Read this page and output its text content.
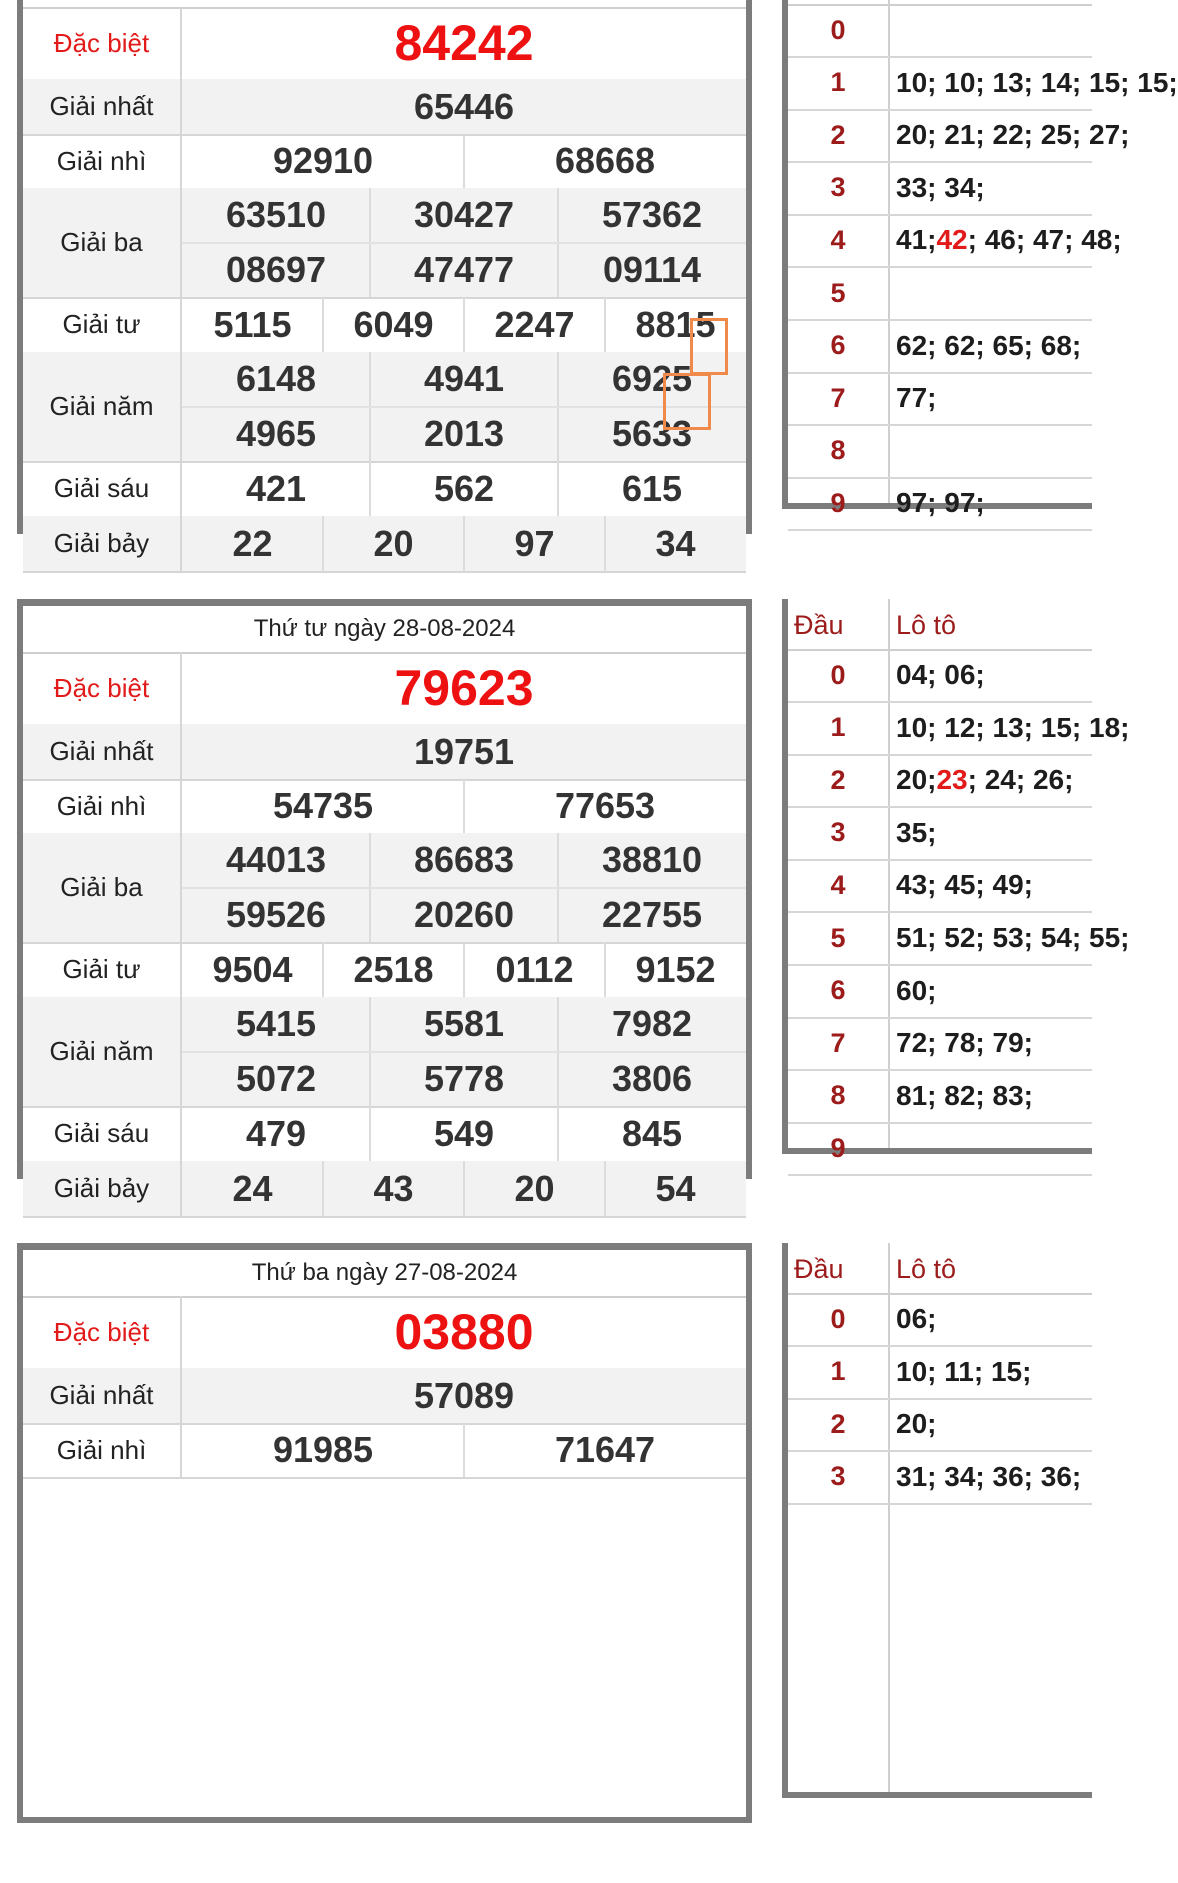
Đặc biệt	84242
Giải nhất	65446
Giải nhì	92910	68668
Giải ba
63510	30427	57362
08697	47477	09114
Giải tư	5115	6049	2247	8815
Giải năm
6148	4941	6925
4965	2013	5633
Giải sáu	421	562	615
Giải bảy	22	20	97	34
0
1	10; 10; 13; 14; 15; 15;
2	20; 21; 22; 25; 27;
3	33; 34;
4	41; 42 ; 46; 47; 48;
5
6	62; 62; 65; 68;
7	77;
8
9	97; 97;
Thứ tư ngày 28-08-2024
Đặc biệt	79623
Giải nhất	19751
Giải nhì	54735	77653
Giải ba
44013	86683	38810
59526	20260	22755
Giải tư	9504	2518	0112	9152
Giải năm
5415	5581	7982
5072	5778	3806
Giải sáu	479	549	845
Giải bảy	24	43	20	54
Đầu Lô tô
0	04; 06;
1	10; 12; 13; 15; 18;
2	20; 23 ; 24; 26;
3	35;
4	43; 45; 49;
5	51; 52; 53; 54; 55;
6	60;
7	72; 78; 79;
8	81; 82; 83;
9
Thứ ba ngày 27-08-2024
Đặc biệt	03880
Giải nhất	57089
Giải nhì	91985	71647
Đầu Lô tô
0	06;
1	10; 11; 15;
2	20;
3	31; 34; 36; 36;
